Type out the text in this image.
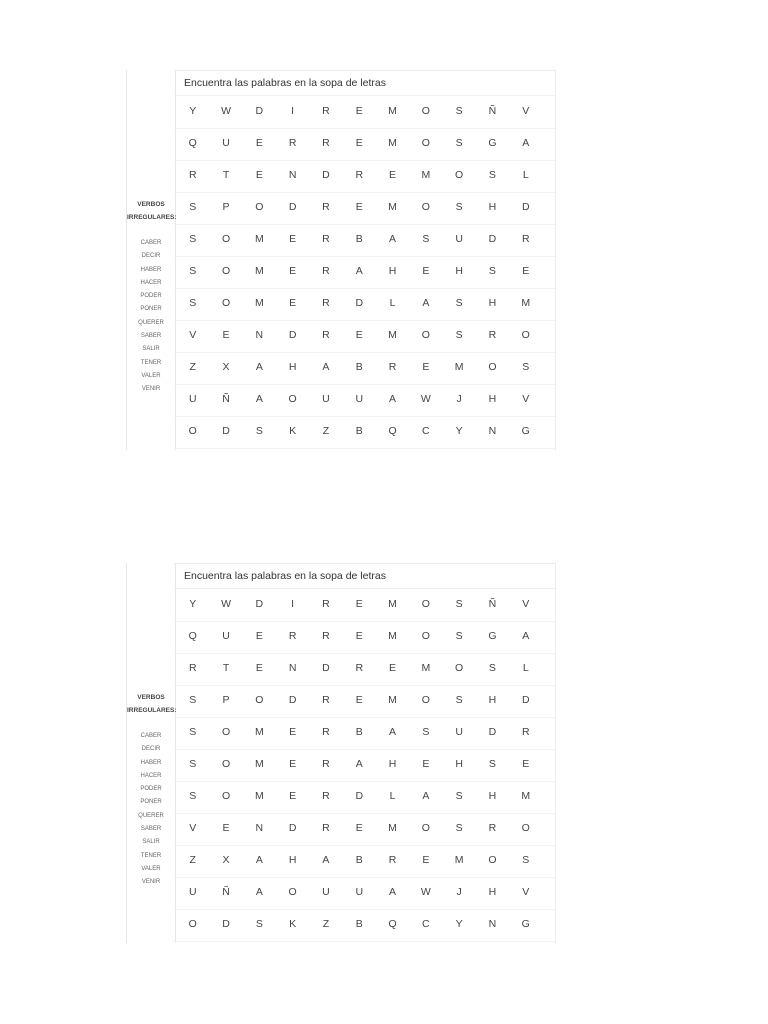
VERBOS
IRREGULARES:
CABER
DECIR
HABER
HACER
PODER
PONER
QUERER
SABER
SALIR
TENER
VALER
VENIR
Encuentra las palabras en la sopa de letras
Y	W	D	I	R	E	M	O	S	Ñ	V
Q	U	E	R	R	E	M	O	S	G	A
R	T	E	N	D	R	E	M	O	S	L
S	P	O	D	R	E	M	O	S	H	D
S	O	M	E	R	B	A	S	U	D	R
S	O	M	E	R	A	H	E	H	S	E
S	O	M	E	R	D	L	A	S	H	M
V	E	N	D	R	E	M	O	S	R	O
Z	X	A	H	A	B	R	E	M	O	S
U	Ñ	A	O	U	U	A	W	J	H	V
O	D	S	K	Z	B	Q	C	Y	N	G
VERBOS
IRREGULARES:
CABER
DECIR
HABER
HACER
PODER
PONER
QUERER
SABER
SALIR
TENER
VALER
VENIR
Encuentra las palabras en la sopa de letras
Y	W	D	I	R	E	M	O	S	Ñ	V
Q	U	E	R	R	E	M	O	S	G	A
R	T	E	N	D	R	E	M	O	S	L
S	P	O	D	R	E	M	O	S	H	D
S	O	M	E	R	B	A	S	U	D	R
S	O	M	E	R	A	H	E	H	S	E
S	O	M	E	R	D	L	A	S	H	M
V	E	N	D	R	E	M	O	S	R	O
Z	X	A	H	A	B	R	E	M	O	S
U	Ñ	A	O	U	U	A	W	J	H	V
O	D	S	K	Z	B	Q	C	Y	N	G
